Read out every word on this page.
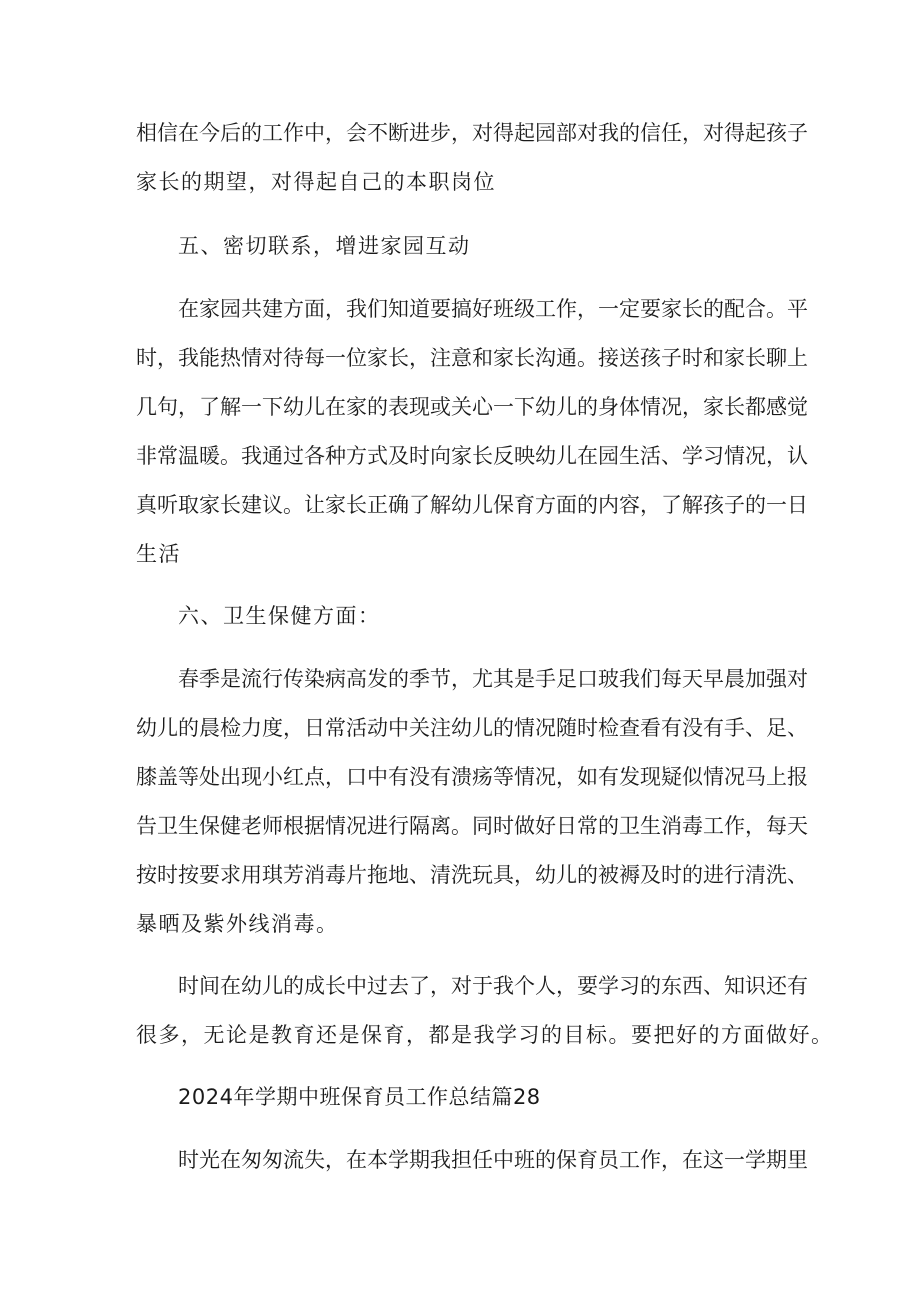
相信在今后的工作中，会不断进步，对得起园部对我的信任，对得起孩子
家长的期望，对得起自己的本职岗位
五、密切联系，增进家园互动
在家园共建方面，我们知道要搞好班级工作，一定要家长的配合。平
时，我能热情对待每一位家长，注意和家长沟通。接送孩子时和家长聊上
几句，了解一下幼儿在家的表现或关心一下幼儿的身体情况，家长都感觉
非常温暖。我通过各种方式及时向家长反映幼儿在园生活、学习情况，认
真听取家长建议。让家长正确了解幼儿保育方面的内容，了解孩子的一日
生活
六、卫生保健方面：
春季是流行传染病高发的季节，尤其是手足口玻我们每天早晨加强对
幼儿的晨检力度，日常活动中关注幼儿的情况随时检查看有没有手、足、
膝盖等处出现小红点，口中有没有溃疡等情况，如有发现疑似情况马上报
告卫生保健老师根据情况进行隔离。同时做好日常的卫生消毒工作，每天
按时按要求用琪芳消毒片拖地、清洗玩具，幼儿的被褥及时的进行清洗、
暴晒及紫外线消毒。
时间在幼儿的成长中过去了，对于我个人，要学习的东西、知识还有
很多，无论是教育还是保育，都是我学习的目标。要把好的方面做好。
2024年学期中班保育员工作总结篇28
时光在匆匆流失，在本学期我担任中班的保育员工作，在这一学期里
